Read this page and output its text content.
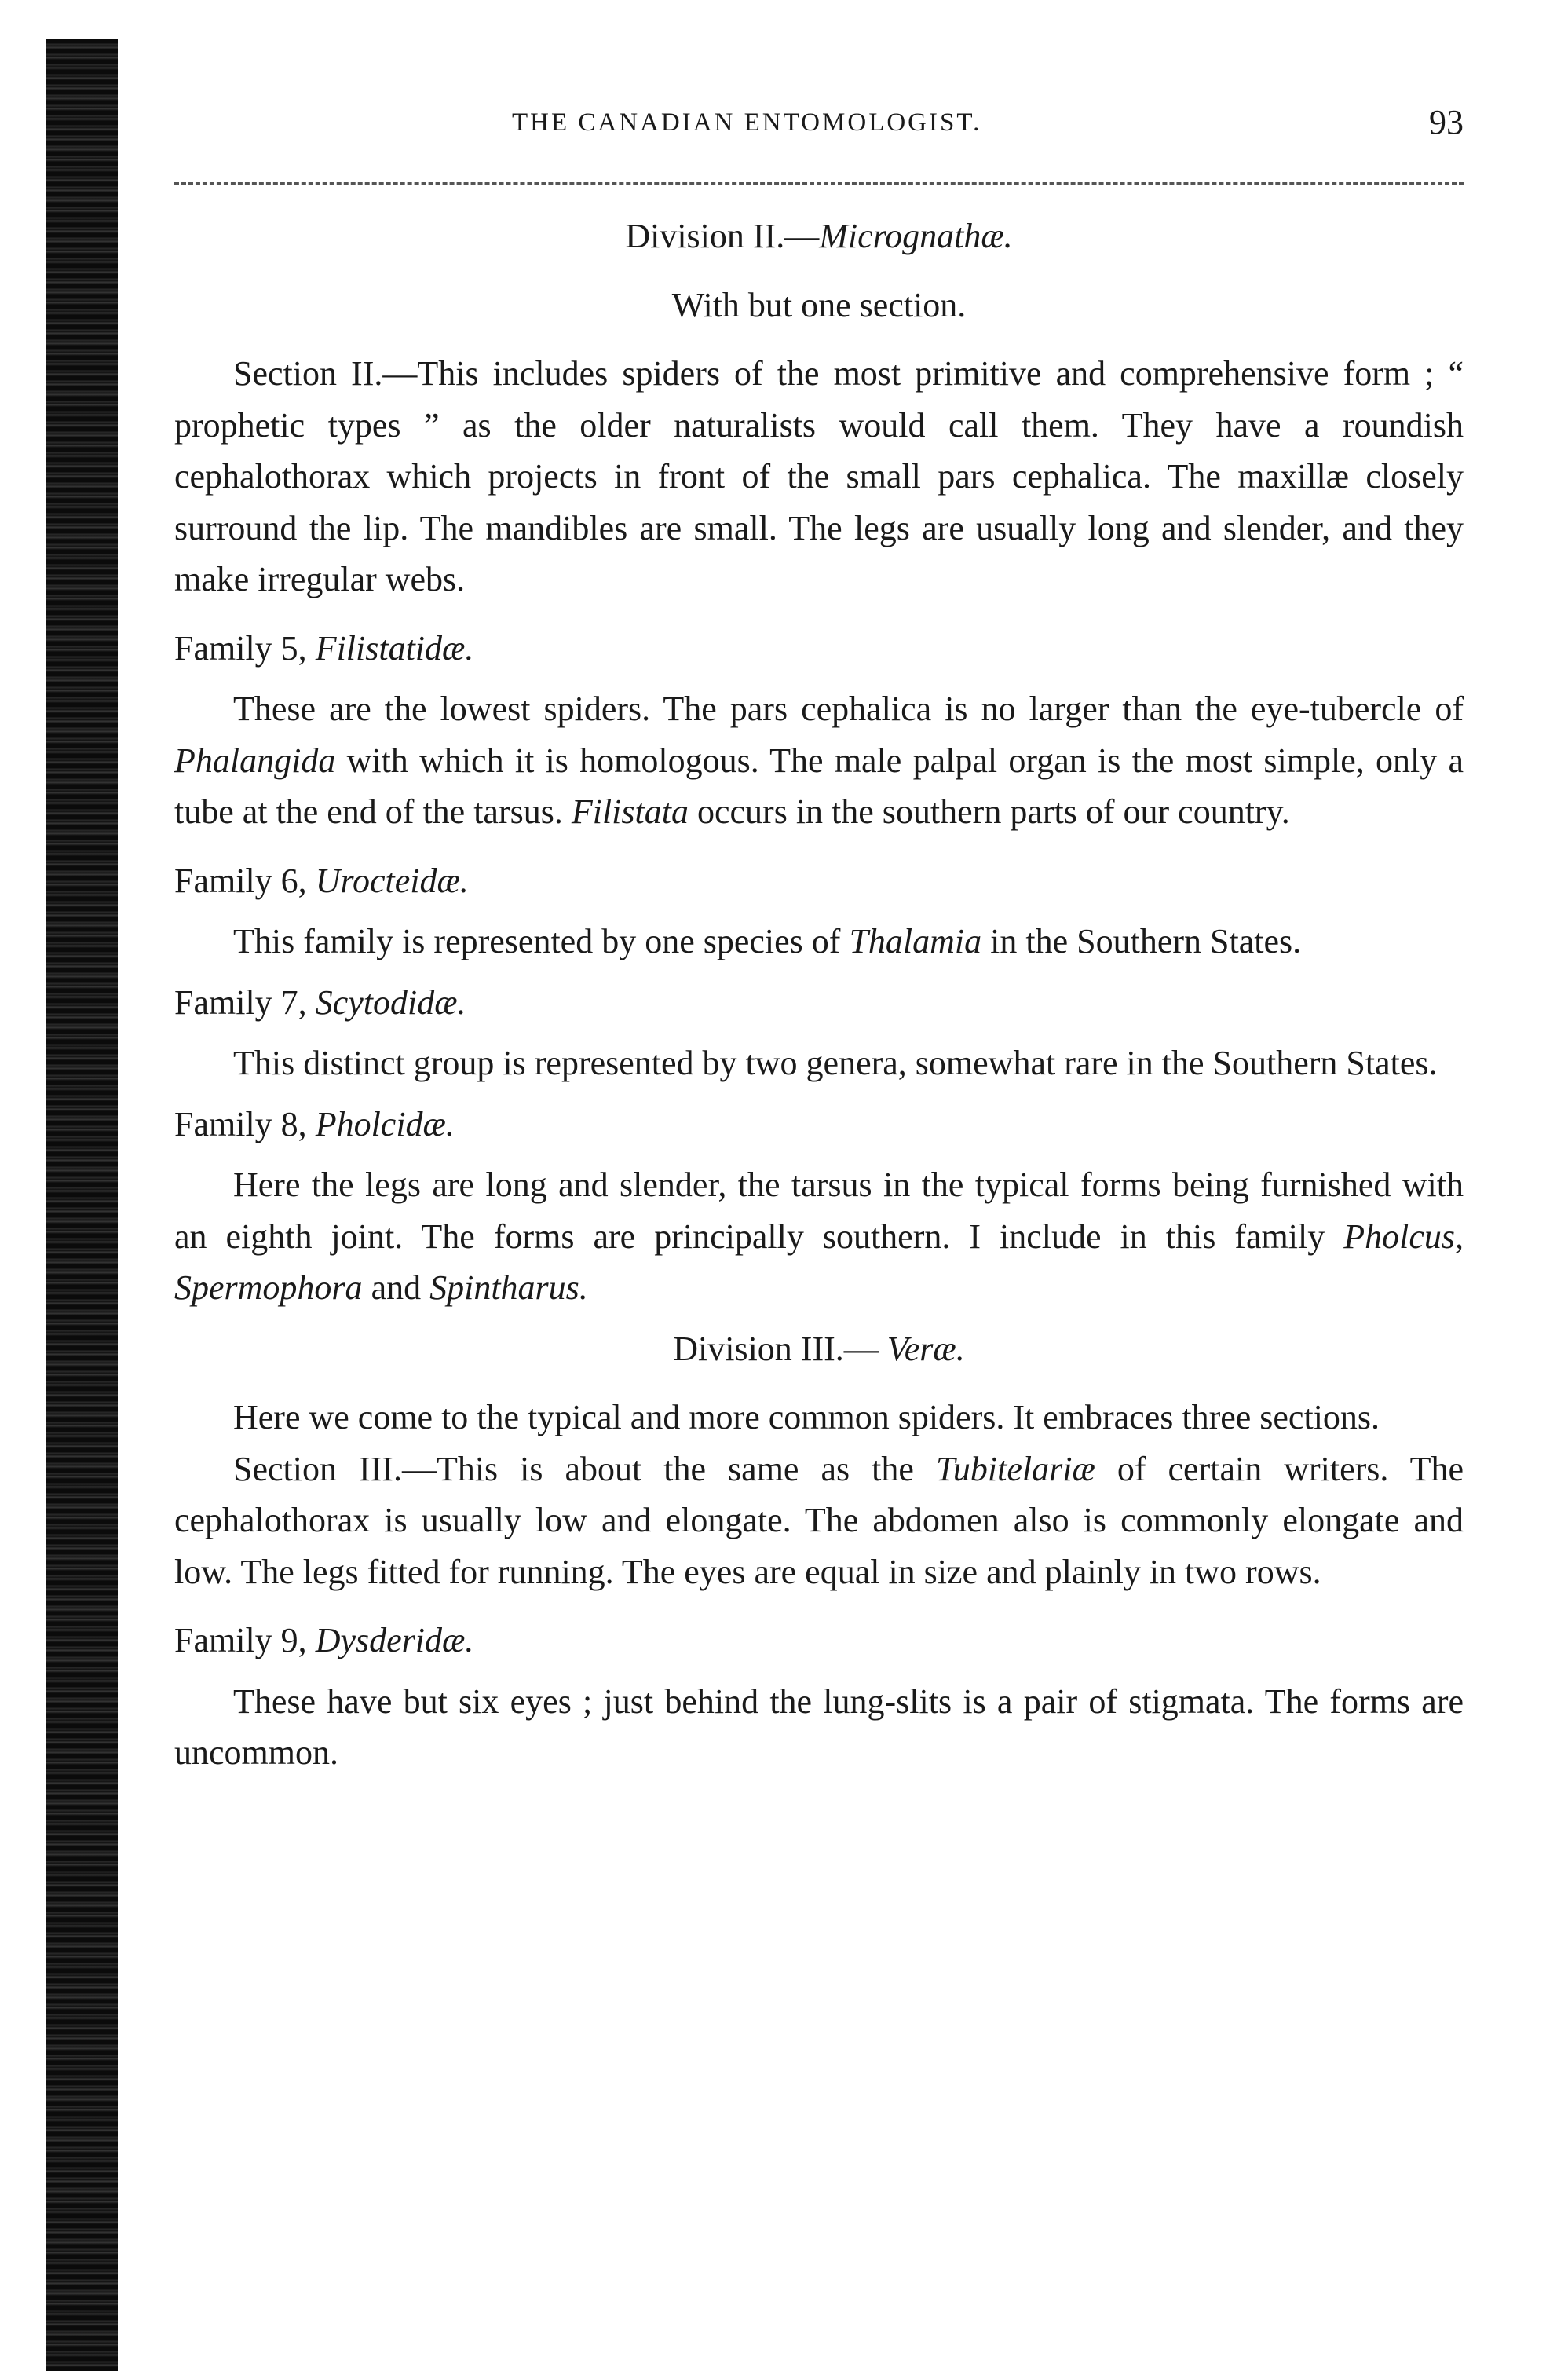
THE CANADIAN ENTOMOLOGIST.	93

Division II.—Micrognathæ.

With but one section.

Section II.—This includes spiders of the most primitive and comprehensive form ; “ prophetic types ” as the older naturalists would call them. They have a roundish cephalothorax which projects in front of the small pars cephalica. The maxillæ closely surround the lip. The mandibles are small. The legs are usually long and slender, and they make irregular webs.

Family 5, Filistatidæ.

These are the lowest spiders. The pars cephalica is no larger than the eye-tubercle of Phalangida with which it is homologous. The male palpal organ is the most simple, only a tube at the end of the tarsus. Filistata occurs in the southern parts of our country.

Family 6, Urocteidæ.

This family is represented by one species of Thalamia in the Southern States.

Family 7, Scytodidæ.

This distinct group is represented by two genera, somewhat rare in the Southern States.

Family 8, Pholcidæ.

Here the legs are long and slender, the tarsus in the typical forms being furnished with an eighth joint. The forms are principally southern. I include in this family Pholcus, Spermophora and Spintharus.

Division III.— Veræ.

Here we come to the typical and more common spiders. It embraces three sections.

Section III.—This is about the same as the Tubitelariæ of certain writers. The cephalothorax is usually low and elongate. The abdomen also is commonly elongate and low. The legs fitted for running. The eyes are equal in size and plainly in two rows.

Family 9, Dysderidæ.

These have but six eyes ; just behind the lung-slits is a pair of stigmata. The forms are uncommon.
